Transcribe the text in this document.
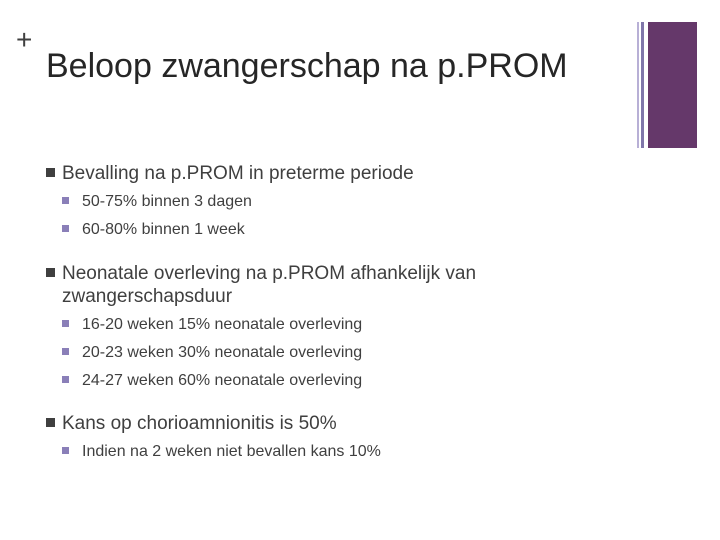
+
Beloop zwangerschap na p.PROM
Bevalling na p.PROM in preterme periode
50-75% binnen 3 dagen
60-80% binnen 1 week
Neonatale overleving na p.PROM afhankelijk van
zwangerschapsduur
16-20 weken 15% neonatale overleving
20-23 weken 30% neonatale overleving
24-27 weken 60% neonatale overleving
Kans op chorioamnionitis is 50%
Indien na 2 weken niet bevallen kans 10%
